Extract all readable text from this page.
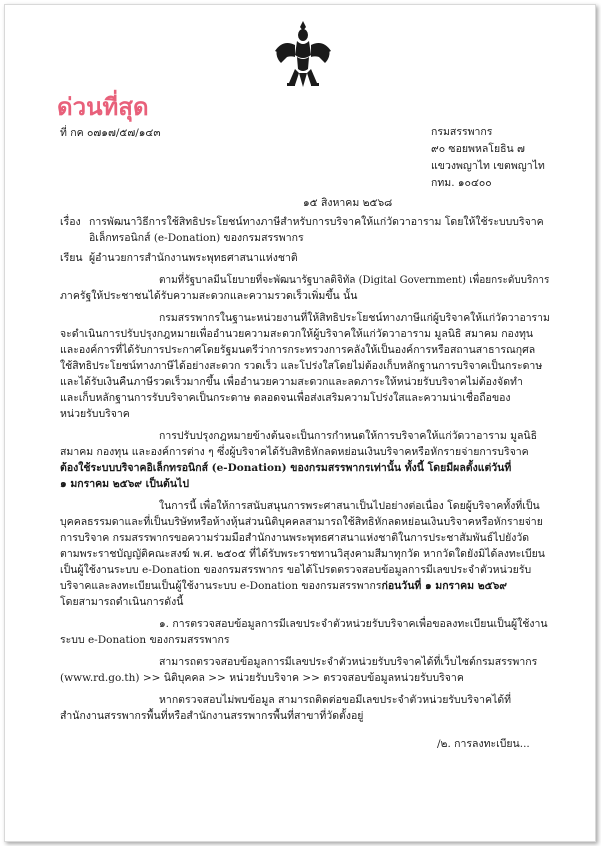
ด่วนที่สุด
ที่ กค ๐๗๑๗/๕๗/๑๔๓	กรมสรรพากร
๙๐ ซอยพหลโยธิน ๗
แขวงพญาไท เขตพญาไท
กทม. ๑๐๔๐๐
๑๕ สิงหาคม ๒๕๖๘
เรื่อง การพัฒนาวิธีการใช้สิทธิประโยชน์ทางภาษีสำหรับการบริจาคให้แก่วัดวาอาราม โดยให้ใช้ระบบบริจาค
อิเล็กทรอนิกส์ (e-Donation) ของกรมสรรพากร
เรียน ผู้อำนวยการสำนักงานพระพุทธศาสนาแห่งชาติ
ตามที่รัฐบาลมีนโยบายที่จะพัฒนารัฐบาลดิจิทัล (Digital Government) เพื่อยกระดับบริการ
ภาครัฐให้ประชาชนได้รับความสะดวกและความรวดเร็วเพิ่มขึ้น นั้น
กรมสรรพากรในฐานะหน่วยงานที่ให้สิทธิประโยชน์ทางภาษีแก่ผู้บริจาคให้แก่วัดวาอาราม
จะดำเนินการปรับปรุงกฎหมายเพื่ออำนวยความสะดวกให้ผู้บริจาคให้แก่วัดวาอาราม มูลนิธิ สมาคม กองทุน
และองค์การที่ได้รับการประกาศโดยรัฐมนตรีว่าการกระทรวงการคลังให้เป็นองค์การหรือสถานสาธารณกุศล
ใช้สิทธิประโยชน์ทางภาษีได้อย่างสะดวก รวดเร็ว และโปร่งใสโดยไม่ต้องเก็บหลักฐานการบริจาคเป็นกระดาษ
และได้รับเงินคืนภาษีรวดเร็วมากขึ้น เพื่ออำนวยความสะดวกและลดภาระให้หน่วยรับบริจาคไม่ต้องจัดทำ
และเก็บหลักฐานการรับบริจาคเป็นกระดาษ ตลอดจนเพื่อส่งเสริมความโปร่งใสและความน่าเชื่อถือของ
หน่วยรับบริจาค
การปรับปรุงกฎหมายข้างต้นจะเป็นการกำหนดให้การบริจาคให้แก่วัดวาอาราม มูลนิธิ
สมาคม กองทุน และองค์การต่าง ๆ ซึ่งผู้บริจาคได้รับสิทธิหักลดหย่อนเงินบริจาคหรือหักรายจ่ายการบริจาค
ต้องใช้ระบบบริจาคอิเล็กทรอนิกส์ (e-Donation) ของกรมสรรพากรเท่านั้น ทั้งนี้ โดยมีผลตั้งแต่วันที่
๑ มกราคม ๒๕๖๙ เป็นต้นไป
ในการนี้ เพื่อให้การสนับสนุนการพระศาสนาเป็นไปอย่างต่อเนื่อง โดยผู้บริจาคทั้งที่เป็น
บุคคลธรรมดาและที่เป็นบริษัทหรือห้างหุ้นส่วนนิติบุคคลสามารถใช้สิทธิหักลดหย่อนเงินบริจาคหรือหักรายจ่าย
การบริจาค กรมสรรพากรขอความร่วมมือสำนักงานพระพุทธศาสนาแห่งชาติในการประชาสัมพันธ์ไปยังวัด
ตามพระราชบัญญัติคณะสงฆ์ พ.ศ. ๒๕๐๕ ที่ได้รับพระราชทานวิสุงคามสีมาทุกวัด หากวัดใดยังมิได้ลงทะเบียน
เป็นผู้ใช้งานระบบ e-Donation ของกรมสรรพากร ขอได้โปรดตรวจสอบข้อมูลการมีเลขประจำตัวหน่วยรับ
บริจาคและลงทะเบียนเป็นผู้ใช้งานระบบ e-Donation ของกรมสรรพากรก่อนวันที่ ๑ มกราคม ๒๕๖๙
โดยสามารถดำเนินการดังนี้
๑. การตรวจสอบข้อมูลการมีเลขประจำตัวหน่วยรับบริจาคเพื่อขอลงทะเบียนเป็นผู้ใช้งาน
ระบบ e-Donation ของกรมสรรพากร
สามารถตรวจสอบข้อมูลการมีเลขประจำตัวหน่วยรับบริจาคได้ที่เว็บไซต์กรมสรรพากร
(www.rd.go.th) >> นิติบุคคล >> หน่วยรับบริจาค >> ตรวจสอบข้อมูลหน่วยรับบริจาค
หากตรวจสอบไม่พบข้อมูล สามารถติดต่อขอมีเลขประจำตัวหน่วยรับบริจาคได้ที่
สำนักงานสรรพากรพื้นที่หรือสำนักงานสรรพากรพื้นที่สาขาที่วัดตั้งอยู่
/๒. การลงทะเบียน...
